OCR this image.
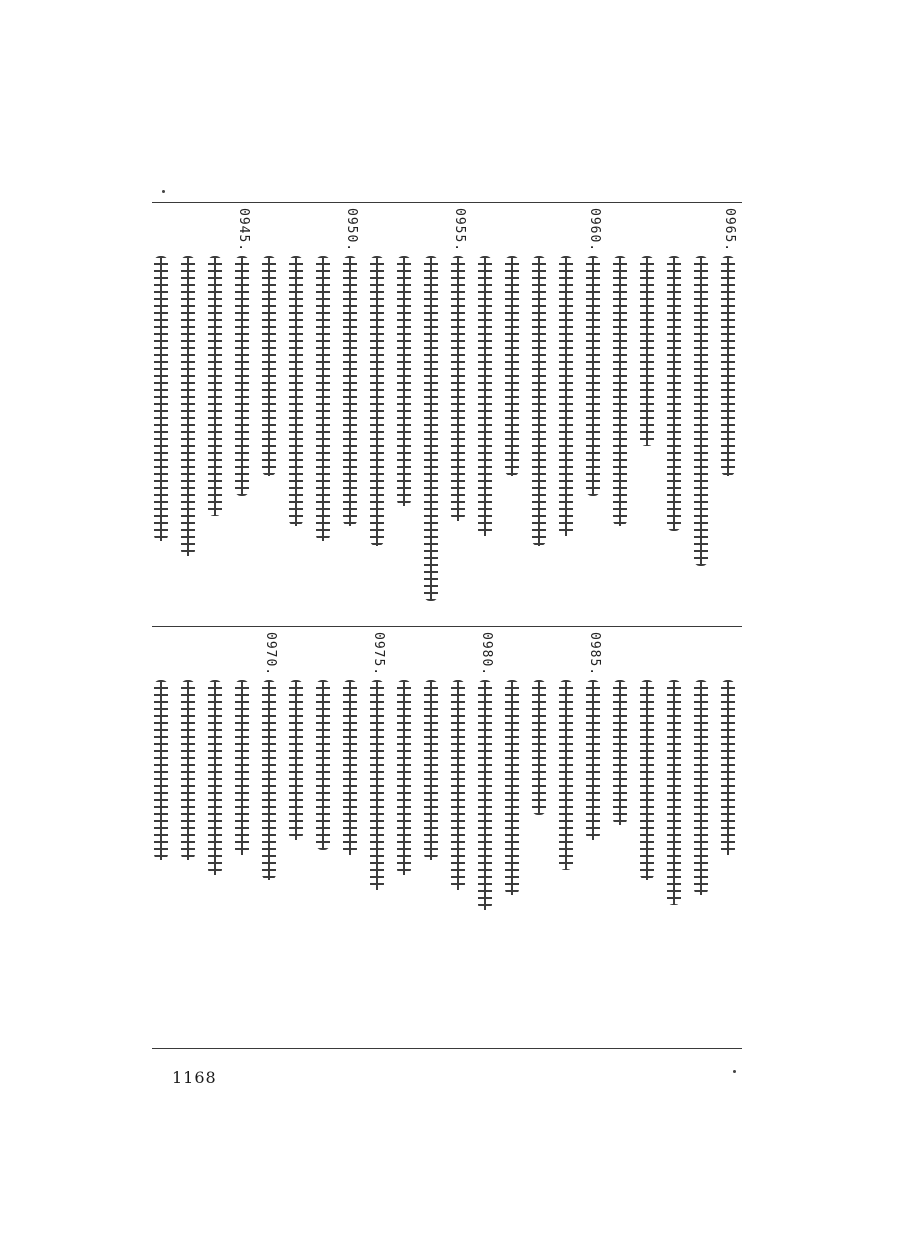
0965.
0960.
0955.
0950.
0945.
0985.
0980.
0975.
0970.
1168
